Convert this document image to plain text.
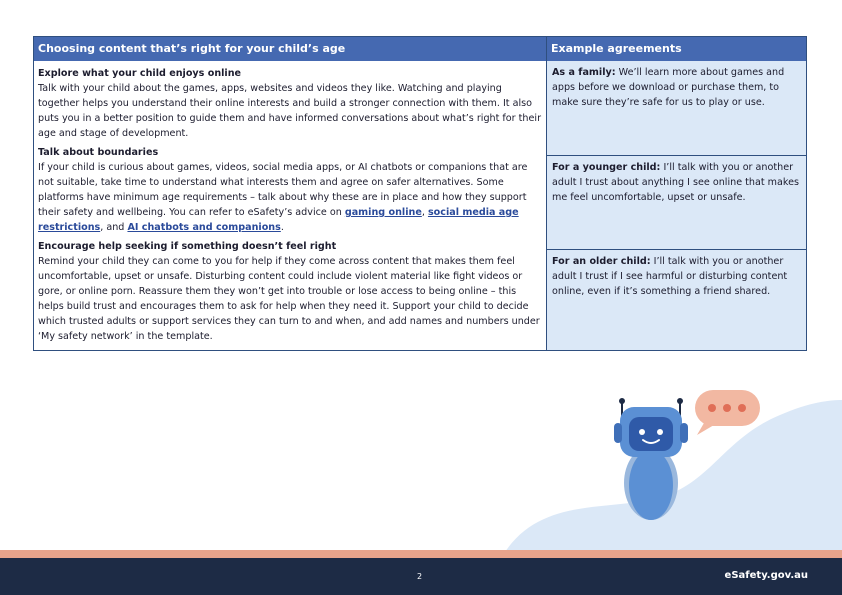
Choosing content that’s right for your child’s age	Example agreements
Explore what your child enjoys online
Talk with your child about the games, apps, websites and videos they like. Watching and playing together helps you understand their online interests and build a stronger connection with them. It also puts you in a better position to guide them and have informed conversations about what’s right for their age and stage of development.
Talk about boundaries
If your child is curious about games, videos, social media apps, or AI chatbots or companions that are not suitable, take time to understand what interests them and agree on safer alternatives. Some platforms have minimum age requirements – talk about why these are in place and how they support their safety and wellbeing. You can refer to eSafety’s advice on gaming online, social media age restrictions, and AI chatbots and companions.
Encourage help seeking if something doesn’t feel right
Remind your child they can come to you for help if they come across content that makes them feel uncomfortable, upset or unsafe. Disturbing content could include violent material like fight videos or gore, or online porn. Reassure them they won’t get into trouble or lose access to being online – this helps build trust and encourages them to ask for help when they need it. Support your child to decide which trusted adults or support services they can turn to and when, and add names and numbers under ‘My safety network’ in the template.
As a family: We’ll learn more about games and apps before we download or purchase them, to make sure they’re safe for us to play or use.
For a younger child: I’ll talk with you or another adult I trust about anything I see online that makes me feel uncomfortable, upset or unsafe.
For an older child: I’ll talk with you or another adult I trust if I see harmful or disturbing content online, even if it’s something a friend shared.
2	eSafety.gov.au
